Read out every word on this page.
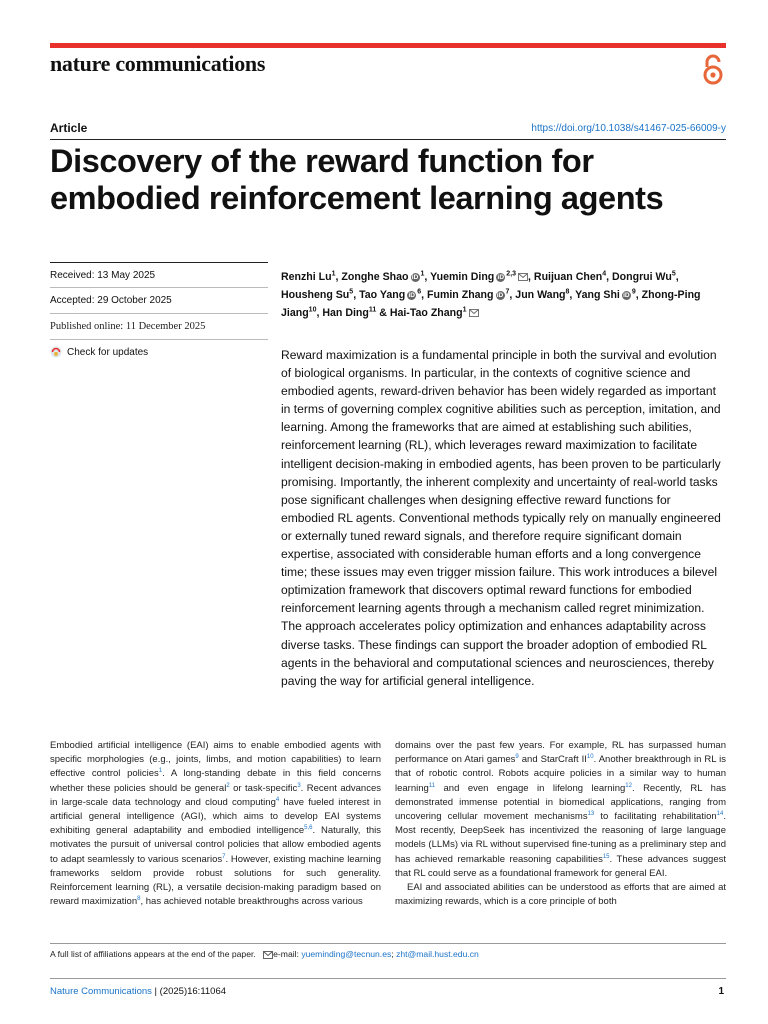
nature communications
Article	https://doi.org/10.1038/s41467-025-66009-y
Discovery of the reward function for embodied reinforcement learning agents
Received: 13 May 2025
Accepted: 29 October 2025
Published online: 11 December 2025
Check for updates

Renzhi Lu$^1$, Zonghe Shao iD $^1$, Yuemin Ding iD $^{2,3}$ , Ruijuan Chen$^4$, Dongrui Wu$^5$, Housheng Su$^5$, Tao Yang iD $^6$, Fumin Zhang iD $^7$, Jun Wang$^8$, Yang Shi iD $^9$, Zhong-Ping Jiang$^{10}$, Han Ding$^{11}$ & Hai-Tao Zhang$^1$

Reward maximization is a fundamental principle in both the survival and evolution of biological organisms. In particular, in the contexts of cognitive science and embodied agents, reward-driven behavior has been widely regarded as important in terms of governing complex cognitive abilities such as perception, imitation, and learning. Among the frameworks that are aimed at establishing such abilities, reinforcement learning (RL), which leverages reward maximization to facilitate intelligent decision-making in embodied agents, has been proven to be particularly promising. Importantly, the inherent complexity and uncertainty of real-world tasks pose significant challenges when designing effective reward functions for embodied RL agents. Conventional methods typically rely on manually engineered or externally tuned reward signals, and therefore require significant domain expertise, associated with considerable human efforts and a long convergence time; these issues may even trigger mission failure. This work introduces a bilevel optimization framework that discovers optimal reward functions for embodied reinforcement learning agents through a mechanism called regret minimization. The approach accelerates policy optimization and enhances adaptability across diverse tasks. These findings can support the broader adoption of embodied RL agents in the behavioral and computational sciences and neurosciences, thereby paving the way for artificial general intelligence.

Embodied artificial intelligence (EAI) aims to enable embodied agents with specific morphologies (e.g., joints, limbs, and motion capabilities) to learn effective control policies$^1$. A long-standing debate in this field concerns whether these policies should be general$^2$ or task-specific$^3$. Recent advances in large-scale data technology and cloud computing$^4$ have fueled interest in artificial general intelligence (AGI), which aims to develop EAI systems exhibiting general adaptability and embodied intelligence$^{5,6}$. Naturally, this motivates the pursuit of universal control policies that allow embodied agents to adapt seamlessly to various scenarios$^7$. However, existing machine learning frameworks seldom provide robust solutions for such generality. Reinforcement learning (RL), a versatile decision-making paradigm based on reward maximization$^8$, has achieved notable breakthroughs across various

domains over the past few years. For example, RL has surpassed human performance on Atari games$^9$ and StarCraft II$^{10}$. Another breakthrough in RL is that of robotic control. Robots acquire policies in a similar way to human learning$^{11}$ and even engage in lifelong learning$^{12}$. Recently, RL has demonstrated immense potential in biomedical applications, ranging from uncovering cellular movement mechanisms$^{13}$ to facilitating rehabilitation$^{14}$. Most recently, DeepSeek has incentivized the reasoning of large language models (LLMs) via RL without supervised fine-tuning as a preliminary step and has achieved remarkable reasoning capabilities$^{15}$. These advances suggest that RL could serve as a foundational framework for general EAI.
EAI and associated abilities can be understood as efforts that are aimed at maximizing rewards, which is a core principle of both

A full list of affiliations appears at the end of the paper. e-mail: yueminding@tecnun.es; zht@mail.hust.edu.cn
Nature Communications | (2025)16:11064	1
